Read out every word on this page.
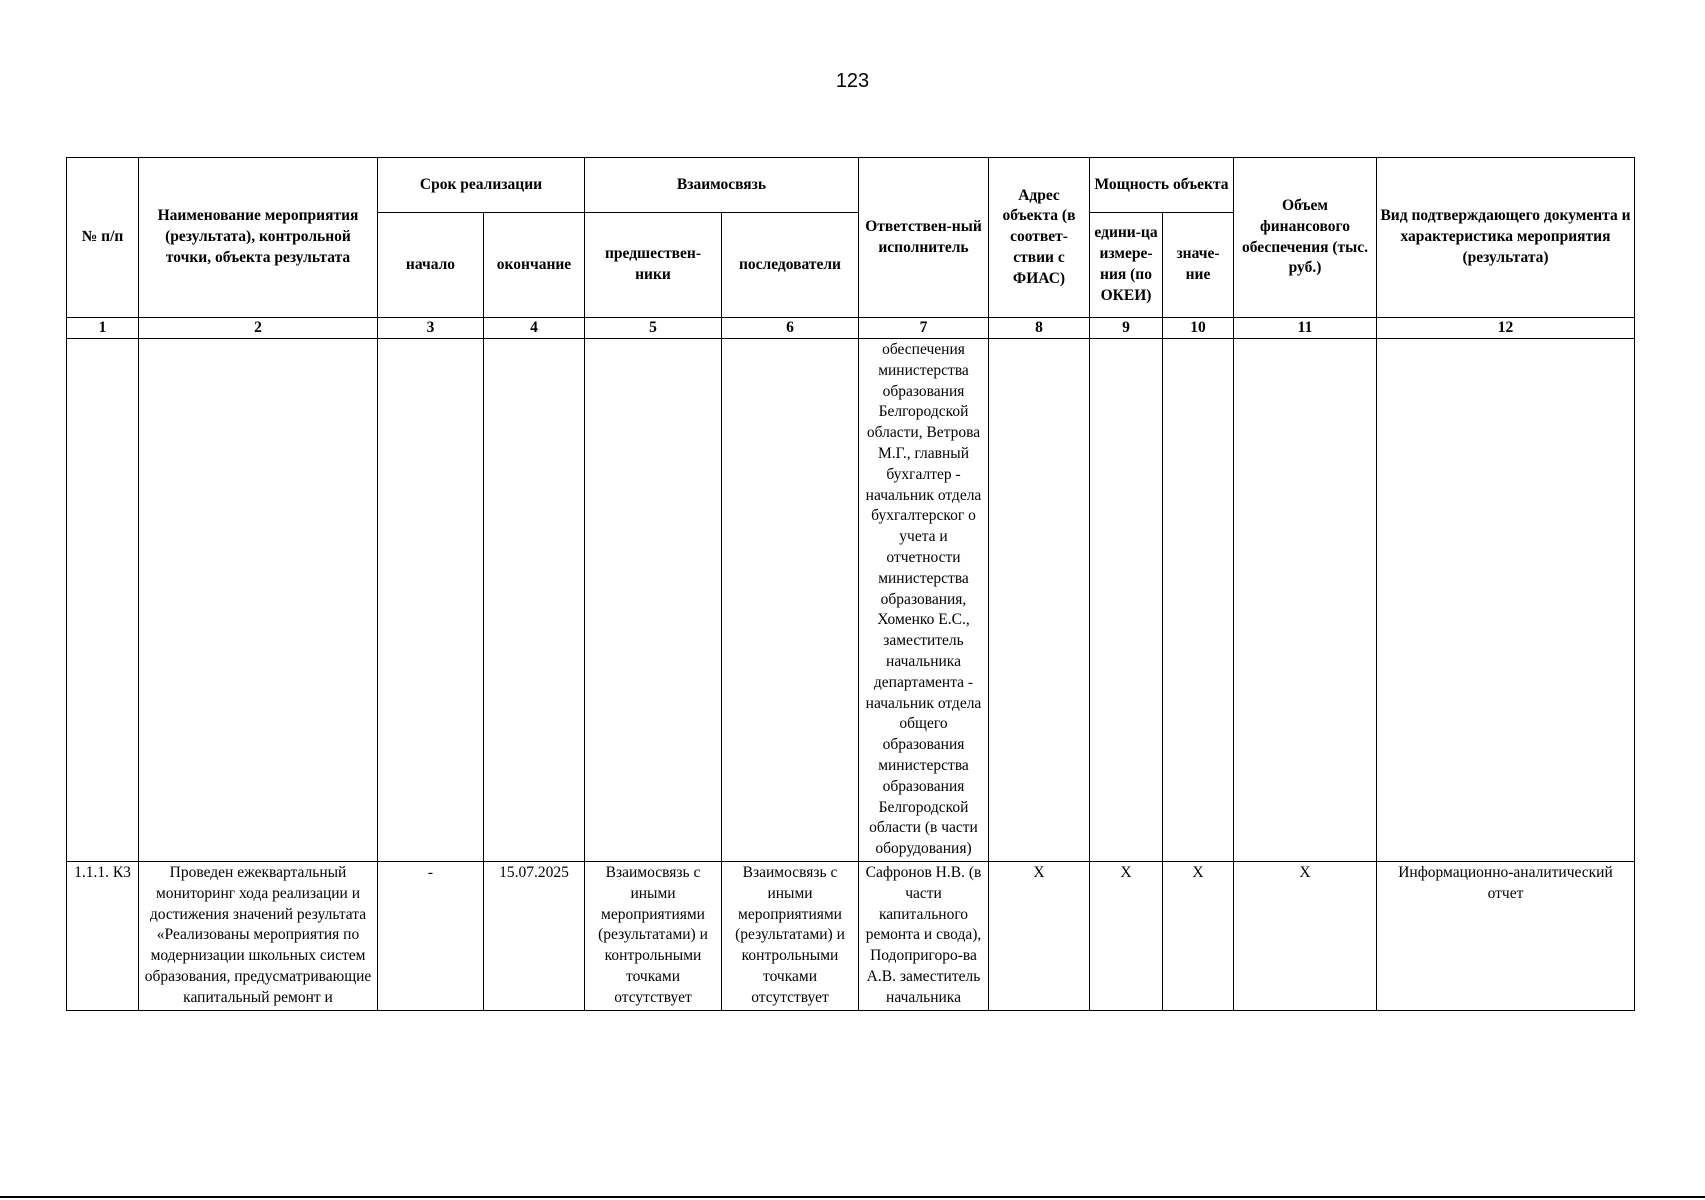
123
№ п/п	Наименование мероприятия (результата), контрольной точки, объекта результата	Срок реализации		Взаимосвязь		Ответствен-ный исполнитель	Адрес объекта (в соответ-ствии с ФИАС)	Мощность объекта		Объем финансового обеспечения (тыс. руб.)	Вид подтверждающего документа и характеристика мероприятия (результата)
		начало	окончание	предшествен-ники	последователи			едини-ца измере-ния (по ОКЕИ)	значе-ние		
1	2	3	4	5	6	7	8	9	10	11	12
						обеспечения министерства образования Белгородской области, Ветрова М.Г., главный бухгалтер - начальник отдела бухгалтерског о учета и отчетности министерства образования, Хоменко Е.С., заместитель начальника департамента - начальник отдела общего образования министерства образования Белгородской области (в части оборудования)					
1.1.1. К3	Проведен ежеквартальный мониторинг хода реализации и достижения значений результата «Реализованы мероприятия по модернизации школьных систем образования, предусматривающие капитальный ремонт и	-	15.07.2025	Взаимосвязь с иными мероприятиями (результатами) и контрольными точками отсутствует	Взаимосвязь с иными мероприятиями (результатами) и контрольными точками отсутствует	Сафронов Н.В. (в части капитального ремонта и свода), Подопригоро-ва А.В. заместитель начальника	Х	Х	Х	Х	Информационно-аналитический отчет
